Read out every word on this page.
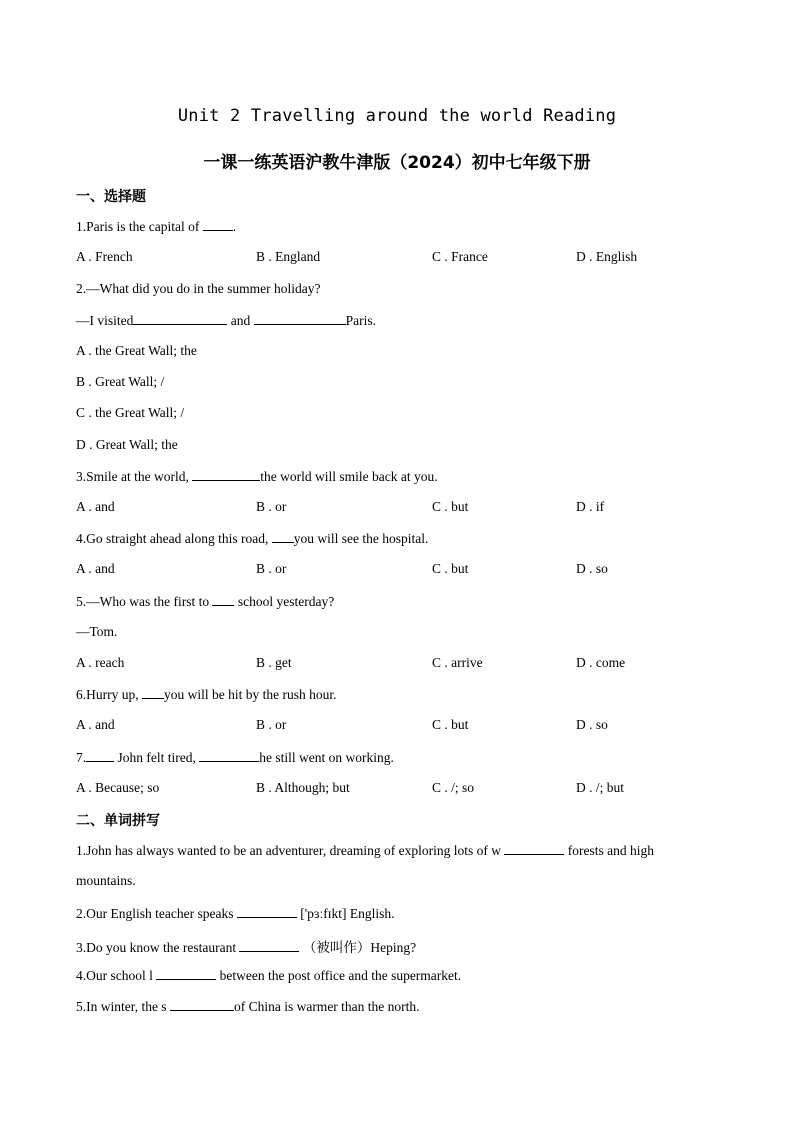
Unit 2 Travelling around the world Reading
一课一练英语沪教牛津版（2024）初中七年级下册
一、选择题
1.Paris is the capital of .
A . French	B . England	C . France	D . English
2.—What did you do in the summer holiday?
—I visited	and	Paris.
A . the Great Wall; the
B . Great Wall; /
C . the Great Wall; /
D . Great Wall; the
3.Smile at the world,	the world will smile back at you.
A . and	B . or	C . but	D . if
4.Go straight ahead along this road, you will see the hospital.
A . and	B . or	C . but	D . so
5.—Who was the first to school yesterday?
—Tom.
A . reach	B . get	C . arrive	D . come
6.Hurry up, you will be hit by the rush hour.
A . and	B . or	C . but	D . so
7. John felt tired,	he still went on working.
A . Because; so	B . Although; but	C . /; so	D . /; but
二、单词拼写
1.John has always wanted to be an adventurer, dreaming of exploring lots of w	forests and high
mountains.
2.Our English teacher speaks	['pɜːfɪkt] English.
3.Do you know the restaurant	（被叫作）Heping?
4.Our school l	between the post office and the supermarket.
5.In winter, the s	of China is warmer than the north.
